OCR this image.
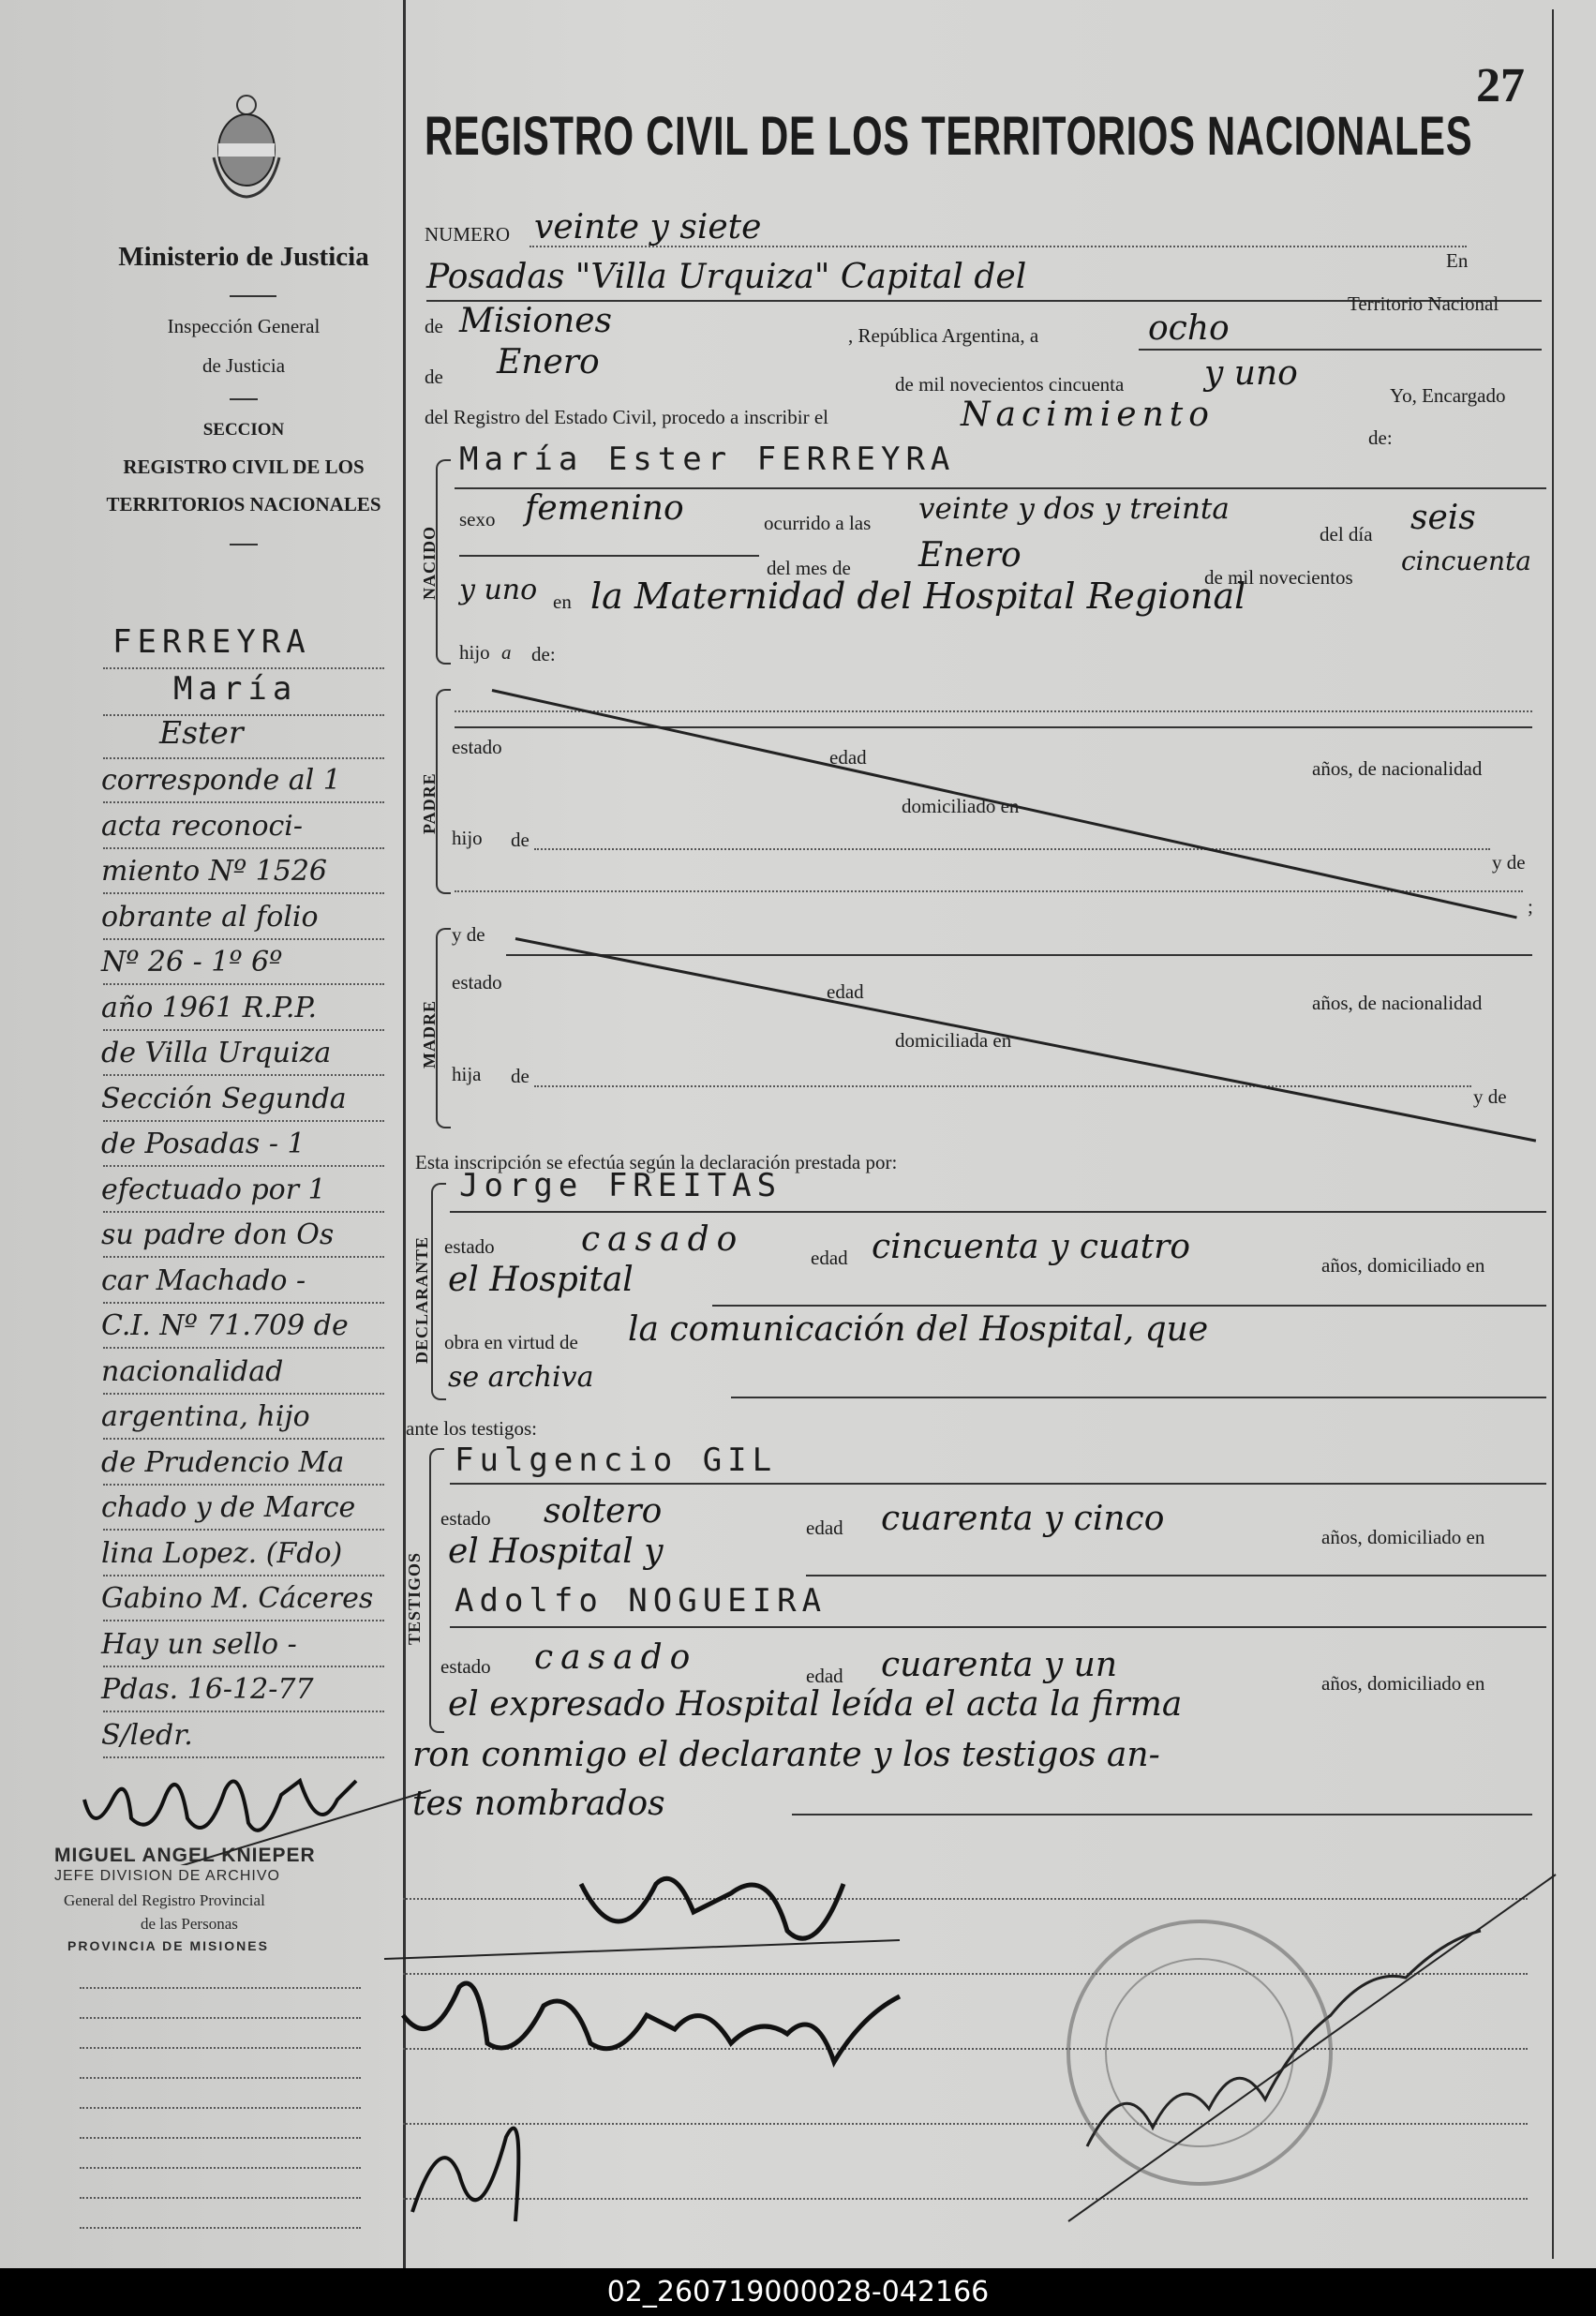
Ministerio de Justicia
Inspección General
de Justicia
SECCION
REGISTRO CIVIL DE LOS
TERRITORIOS NACIONALES
FERREYRA
María
Ester
corresponde al 1
acta reconoci-
miento Nº 1526
obrante al folio
Nº 26 - 1º 6º
año 1961 R.P.P.
de Villa Urquiza
Sección Segunda
de Posadas - 1
efectuado por 1
su padre don Os
car Machado -
C.I. Nº 71.709 de
nacionalidad
argentina, hijo
de Prudencio Ma
chado y de Marce
lina Lopez. (Fdo)
Gabino M. Cáceres
Hay un sello -
Pdas. 16-12-77
S/ledr.
MIGUEL ANGEL KNIEPER
JEFE DIVISION DE ARCHIVO
General del Registro Provincial
de las Personas
PROVINCIA DE MISIONES
27
REGISTRO CIVIL DE LOS TERRITORIOS NACIONALES
NUMERO veinte y siete
En
Posadas "Villa Urquiza" Capital del
de Misiones	, República Argentina, a	ocho
Territorio Nacional
de Enero
de mil novecientos cincuenta y uno
Yo, Encargado
del Registro del Estado Civil, procedo a inscribir el	Nacimiento
de:
NACIDO
María Ester FERREYRA
sexo femenino	ocurrido a las veinte y dos y treinta
del día seis
del mes de Enero
de mil novecientos
cincuenta
y uno en la Maternidad del Hospital Regional
hijo a de:
PADRE
estado	edad	años, de nacionalidad
domiciliado en
hijo de
y de
;
MADRE
y de
estado	edad	años, de nacionalidad
domiciliada en
hija de
y de
Esta inscripción se efectúa según la declaración prestada por:
DECLARANTE
Jorge FREITAS
estado	casado	edad cincuenta y cuatro	años, domiciliado en
el Hospital
obra en virtud de la comunicación del Hospital, que
se archiva
ante los testigos:
TESTIGOS
Fulgencio GIL
estado soltero	edad cuarenta y cinco	años, domiciliado en
el Hospital y
Adolfo NOGUEIRA
estado casado	edad cuarenta y un	años, domiciliado en
el expresado Hospital leída el acta la firma
ron conmigo el declarante y los testigos an-
tes nombrados
02_260719000028-042166
